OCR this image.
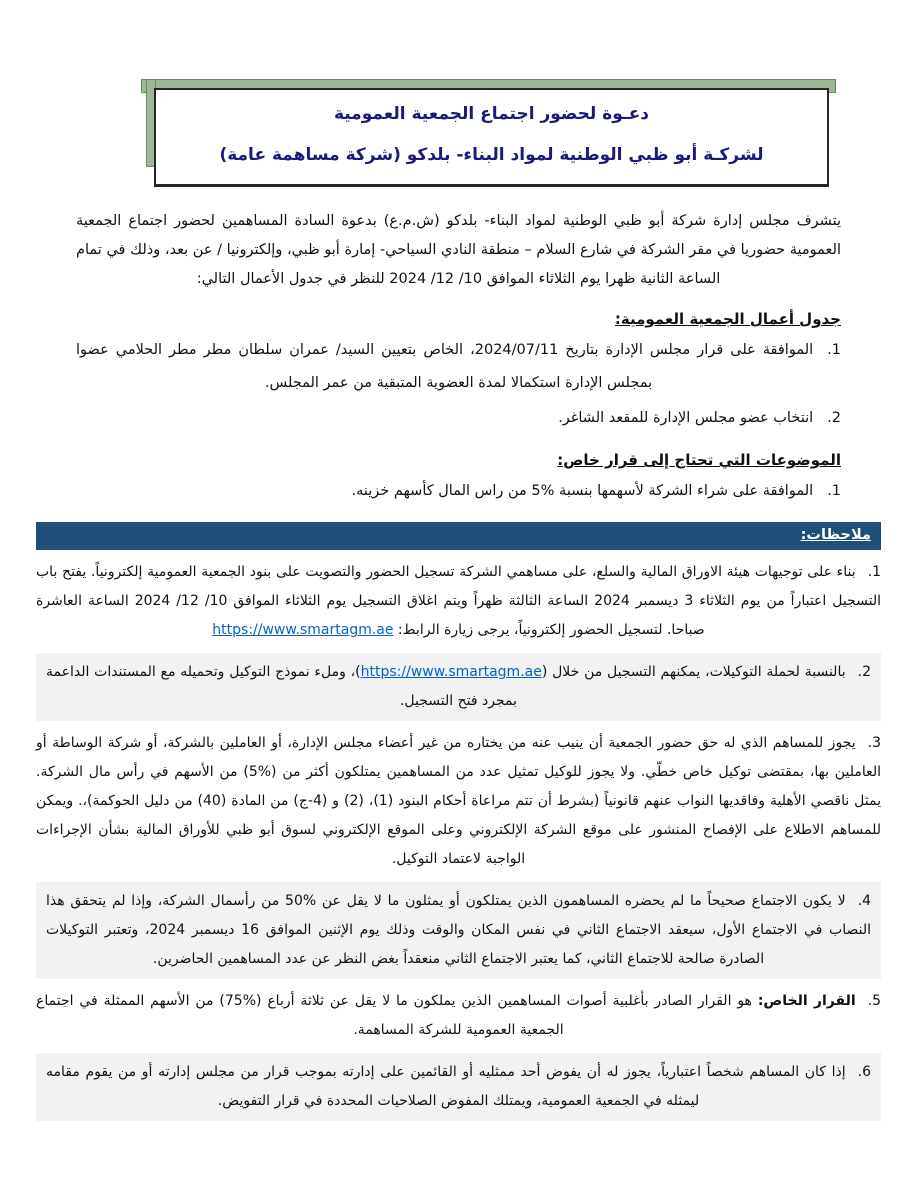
دعـوة لحضور اجتماع الجمعية العمومية
لشركـة أبو ظبي الوطنية لمواد البناء- بلدكو (شركة مساهمة عامة)

يتشرف مجلس إدارة شركة أبو ظبي الوطنية لمواد البناء- بلدكو (ش.م.ع) بدعوة السادة المساهمين لحضور اجتماع الجمعية العمومية حضوريا في مقر الشركة في شارع السلام – منطقة النادي السياحي- إمارة أبو ظبي، وإلكترونيا / عن بعد، وذلك في تمام الساعة الثانية ظهرا يوم الثلاثاء الموافق 10/ 12/ 2024 للنظر في جدول الأعمال التالي:

جدول أعمال الجمعية العمومية:

1.الموافقة على قرار مجلس الإدارة بتاريخ 2024/07/11، الخاص بتعيين السيد/ عمران سلطان مطر مطر الحلامي عضوا بمجلس الإدارة استكمالا لمدة العضوية المتبقية من عمر المجلس.

2.انتخاب عضو مجلس الإدارة للمقعد الشاغر.

الموضوعات التي تحتاج إلى قرار خاص:

1.الموافقة على شراء الشركة لأسهمها بنسبة %5 من راس المال كأسهم خزينه.

ملاحظات:
1.بناء على توجيهات هيئة الاوراق المالية والسلع، على مساهمي الشركة تسجيل الحضور والتصويت على بنود الجمعية العمومية إلكترونياً. يفتح باب التسجيل اعتباراً من يوم الثلاثاء 3 ديسمبر 2024 الساعة الثالثة ظهراً ويتم اغلاق التسجيل يوم الثلاثاء الموافق 10/ 12/ 2024 الساعة العاشرة صباحا. لتسجيل الحضور إلكترونياً، يرجى زيارة الرابط: https://www.smartagm.ae
2.بالنسبة لحملة التوكيلات، يمكنهم التسجيل من خلال (https://www.smartagm.ae)، وملء نموذج التوكيل وتحميله مع المستندات الداعمة بمجرد فتح التسجيل.
3.يجوز للمساهم الذي له حق حضور الجمعية أن ينيب عنه من يختاره من غير أعضاء مجلس الإدارة، أو العاملين بالشركة، أو شركة الوساطة أو العاملين بها، بمقتضى توكيل خاص خطّي. ولا يجوز للوكيل تمثيل عدد من المساهمين يمتلكون أكثر من (%5) من الأسهم في رأس مال الشركة. يمثل ناقصي الأهلية وفاقديها النواب عنهم قانونياً (بشرط أن تتم مراعاة أحكام البنود (1)، (2) و (4-ج) من المادة (40) من دليل الحوكمة)،. ويمكن للمساهم الاطلاع على الإفصاح المنشور على موقع الشركة الإلكتروني وعلى الموقع الإلكتروني لسوق أبو ظبي للأوراق المالية بشأن الإجراءات الواجبة لاعتماد التوكيل.
4.لا يكون الاجتماع صحيحاً ما لم يحضره المساهمون الذين يمتلكون أو يمثلون ما لا يقل عن %50 من رأسمال الشركة، وإذا لم يتحقق هذا النصاب في الاجتماع الأول، سيعقد الاجتماع الثاني في نفس المكان والوقت وذلك يوم الإثنين الموافق 16 ديسمبر 2024، وتعتبر التوكيلات الصادرة صالحة للاجتماع الثاني، كما يعتبر الاجتماع الثاني منعقداً بغض النظر عن عدد المساهمين الحاضرين.
5.القرار الخاص: هو القرار الصادر بأغلبية أصوات المساهمين الذين يملكون ما لا يقل عن ثلاثة أرباع (%75) من الأسهم الممثلة في اجتماع الجمعية العمومية للشركة المساهمة.
6.إذا كان المساهم شخصاً اعتبارياً، يجوز له أن يفوض أحد ممثليه أو القائمين على إدارته بموجب قرار من مجلس إدارته أو من يقوم مقامه ليمثله في الجمعية العمومية، ويمتلك المفوض الصلاحيات المحددة في قرار التفويض.
